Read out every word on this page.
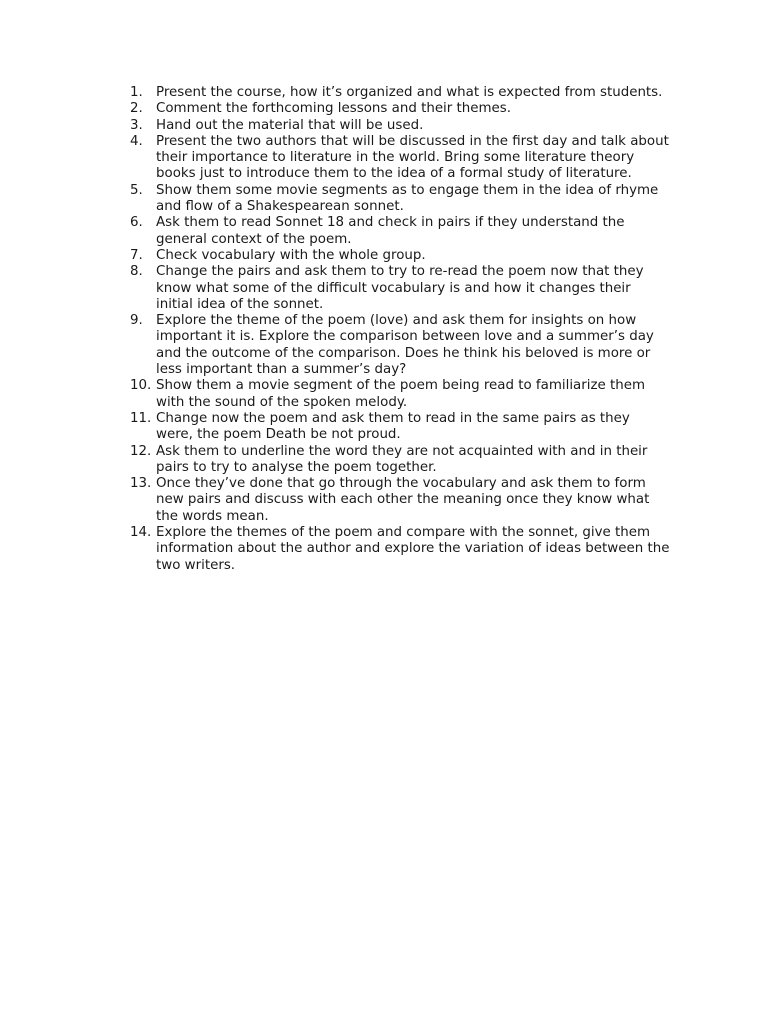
1. Present the course, how it’s organized and what is expected from students.
2. Comment the forthcoming lessons and their themes.
3. Hand out the material that will be used.
4. Present the two authors that will be discussed in the first day and talk about their importance to literature in the world. Bring some literature theory books just to introduce them to the idea of a formal study of literature.
5. Show them some movie segments as to engage them in the idea of rhyme and flow of a Shakespearean sonnet.
6. Ask them to read Sonnet 18 and check in pairs if they understand the general context of the poem.
7. Check vocabulary with the whole group.
8. Change the pairs and ask them to try to re-read the poem now that they know what some of the difficult vocabulary is and how it changes their initial idea of the sonnet.
9. Explore the theme of the poem (love) and ask them for insights on how important it is. Explore the comparison between love and a summer’s day and the outcome of the comparison. Does he think his beloved is more or less important than a summer’s day?
10. Show them a movie segment of the poem being read to familiarize them with the sound of the spoken melody.
11. Change now the poem and ask them to read in the same pairs as they were, the poem Death be not proud.
12. Ask them to underline the word they are not acquainted with and in their pairs to try to analyse the poem together.
13. Once they’ve done that go through the vocabulary and ask them to form new pairs and discuss with each other the meaning once they know what the words mean.
14. Explore the themes of the poem and compare with the sonnet, give them information about the author and explore the variation of ideas between the two writers.
